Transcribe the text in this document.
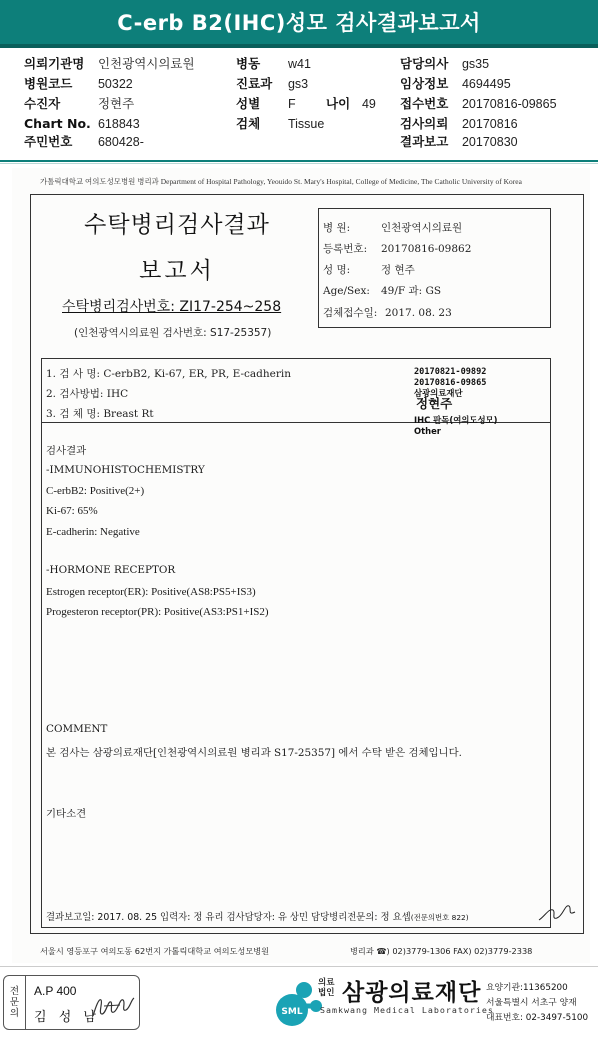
C-erb B2(IHC)성모 검사결과보고서
의뢰기관명 인천광역시의료원
병원코드 50322
수진자	정현주
Chart No. 618843
주민번호 680428-
병동 w41
진료과 gs3
성별 F 나이 49
검체 Tissue
담당의사 gs35
임상정보 4694495
접수번호 20170816-09865
검사의뢰 20170816
결과보고 20170830
가톨릭대학교 여의도성모병원 병리과 Department of Hospital Pathology, Yeouido St. Mary's Hospital, College of Medicine, The Catholic University of Korea
수탁병리검사결과
보고서
수탁병리검사번호: ZI17-254~258
(인천광역시의료원 검사번호: S17-25357)
병 원:	인천광역시의료원
등록번호: 20170816-09862
성 명:	정 현주
Age/Sex: 49/F 과: GS
검체접수일: 2017. 08. 23
1. 검 사 명: C-erbB2, Ki-67, ER, PR, E-cadherin
2. 검사방법: IHC
3. 검 체 명: Breast Rt
20170821-09892
20170816-09865
삼광의료재단
정현주
IHC 판독(여의도성모)
Other
검사결과
-IMMUNOHISTOCHEMISTRY
C-erbB2: Positive(2+)
Ki-67: 65%
E-cadherin: Negative
-HORMONE RECEPTOR
Estrogen receptor(ER): Positive(AS8:PS5+IS3)
Progesteron receptor(PR): Positive(AS3:PS1+IS2)
COMMENT
본 검사는 삼광의료재단[인천광역시의료원 병리과 S17-25357] 에서 수탁 받은 검체입니다.
기타소견
결과보고일: 2017. 08. 25 입력자: 정 유리 검사담당자: 유 상민 담당병리전문의: 정 요셉(전문의번호 822)
서울시 영등포구 여의도동 62번지 가톨릭대학교 여의도성모병원	병리과 ☎) 02)3779-1306 FAX) 02)3779-2338
전
문
의
A.P 400
김 성 남	SML
의료
법인 삼광의료재단
Samkwang Medical Laboratories
요양기관:11365200
서울특별시 서초구 양재
대표번호: 02-3497-5100
